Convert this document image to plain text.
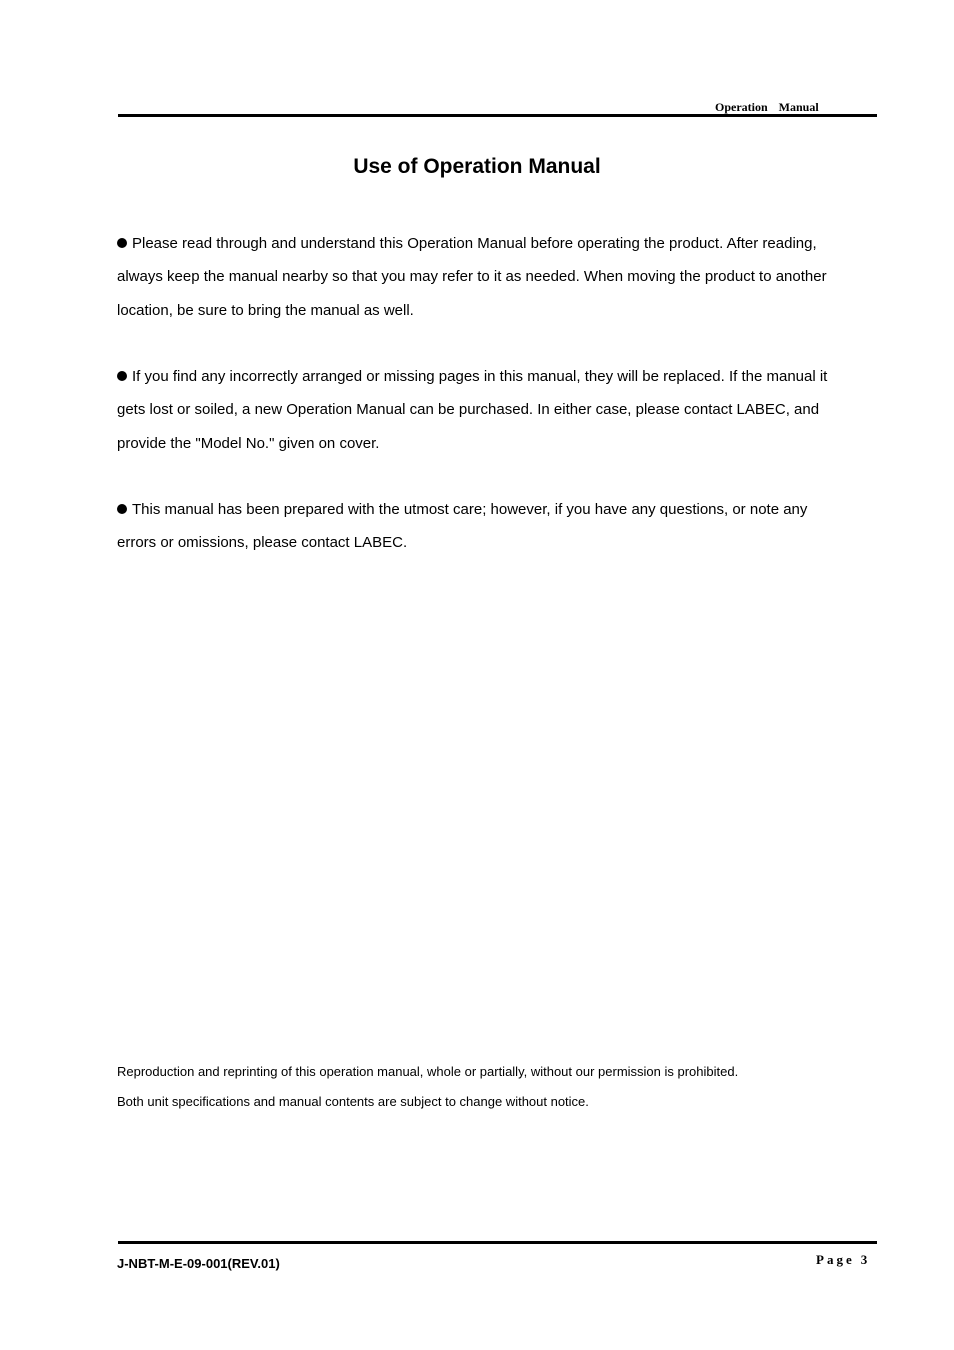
Operation Manual
Use of Operation Manual
Please read through and understand this Operation Manual before operating the product. After reading, always keep the manual nearby so that you may refer to it as needed. When moving the product to another location, be sure to bring the manual as well.
If you find any incorrectly arranged or missing pages in this manual, they will be replaced. If the manual it gets lost or soiled, a new Operation Manual can be purchased. In either case, please contact LABEC, and provide the "Model No." given on cover.
This manual has been prepared with the utmost care; however, if you have any questions, or note any errors or omissions, please contact LABEC.
Reproduction and reprinting of this operation manual, whole or partially, without our permission is prohibited.
Both unit specifications and manual contents are subject to change without notice.
J-NBT-M-E-09-001(REV.01)	Page 3
